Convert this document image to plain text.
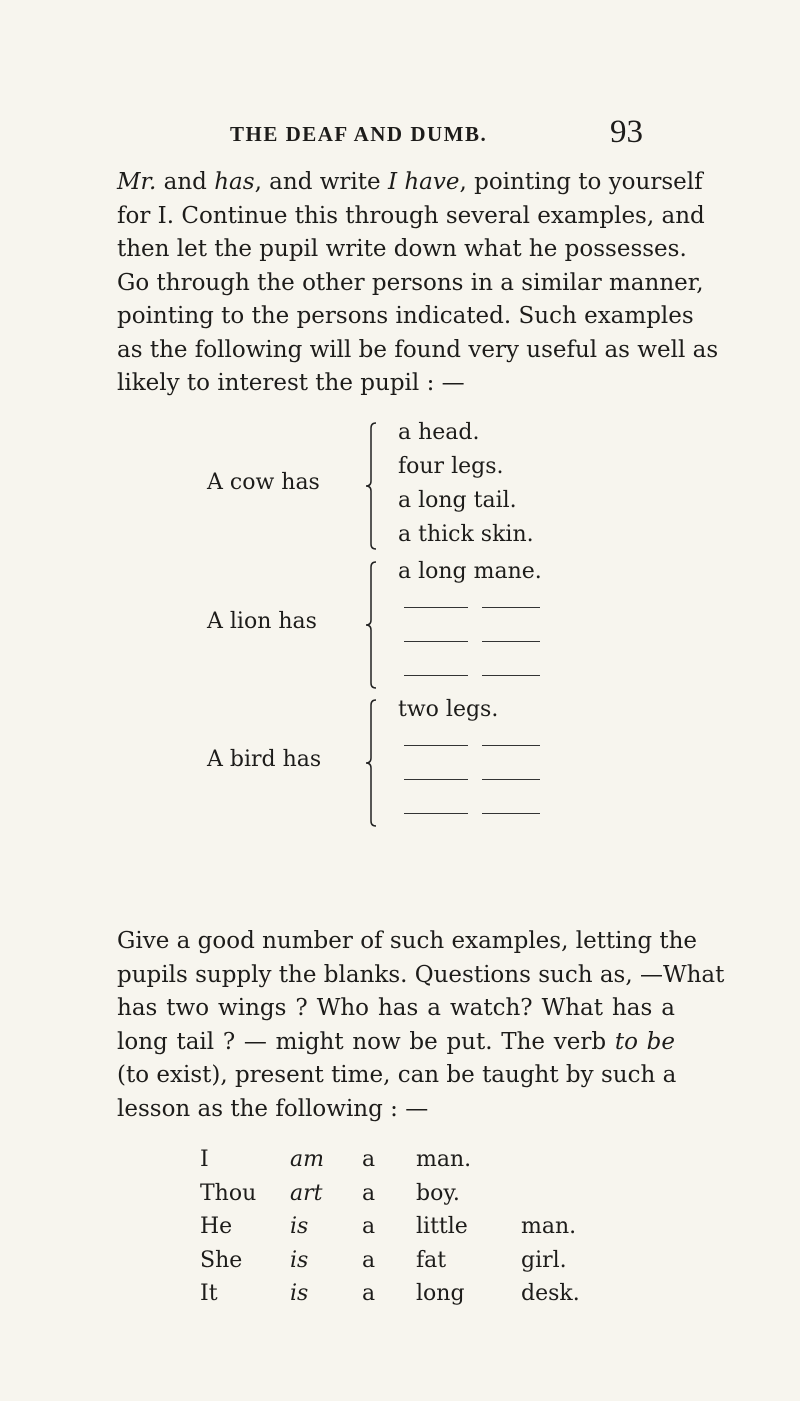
THE DEAF AND DUMB.	93
Mr. and has, and write I have, pointing to yourself
for I. Continue this through several examples, and
then let the pupil write down what he possesses.
Go through the other persons in a similar manner,
pointing to the persons indicated. Such examples
as the following will be found very useful as well as
likely to interest the pupil : —
A cow has
a head.
four legs.
a long tail.
a thick skin.
A lion has
a long mane.
A bird has
two legs.
Give a good number of such examples, letting the
pupils supply the blanks. Questions such as, —What
has two wings ? Who has a watch? What has a
long tail ? — might now be put. The verb to be
(to exist), present time, can be taught by such a
lesson as the following : —
I	am	a	man.	
Thou	art	a	boy.	
He	is	a	little	man.
She	is	a	fat	girl.
It	is	a	long	desk.
